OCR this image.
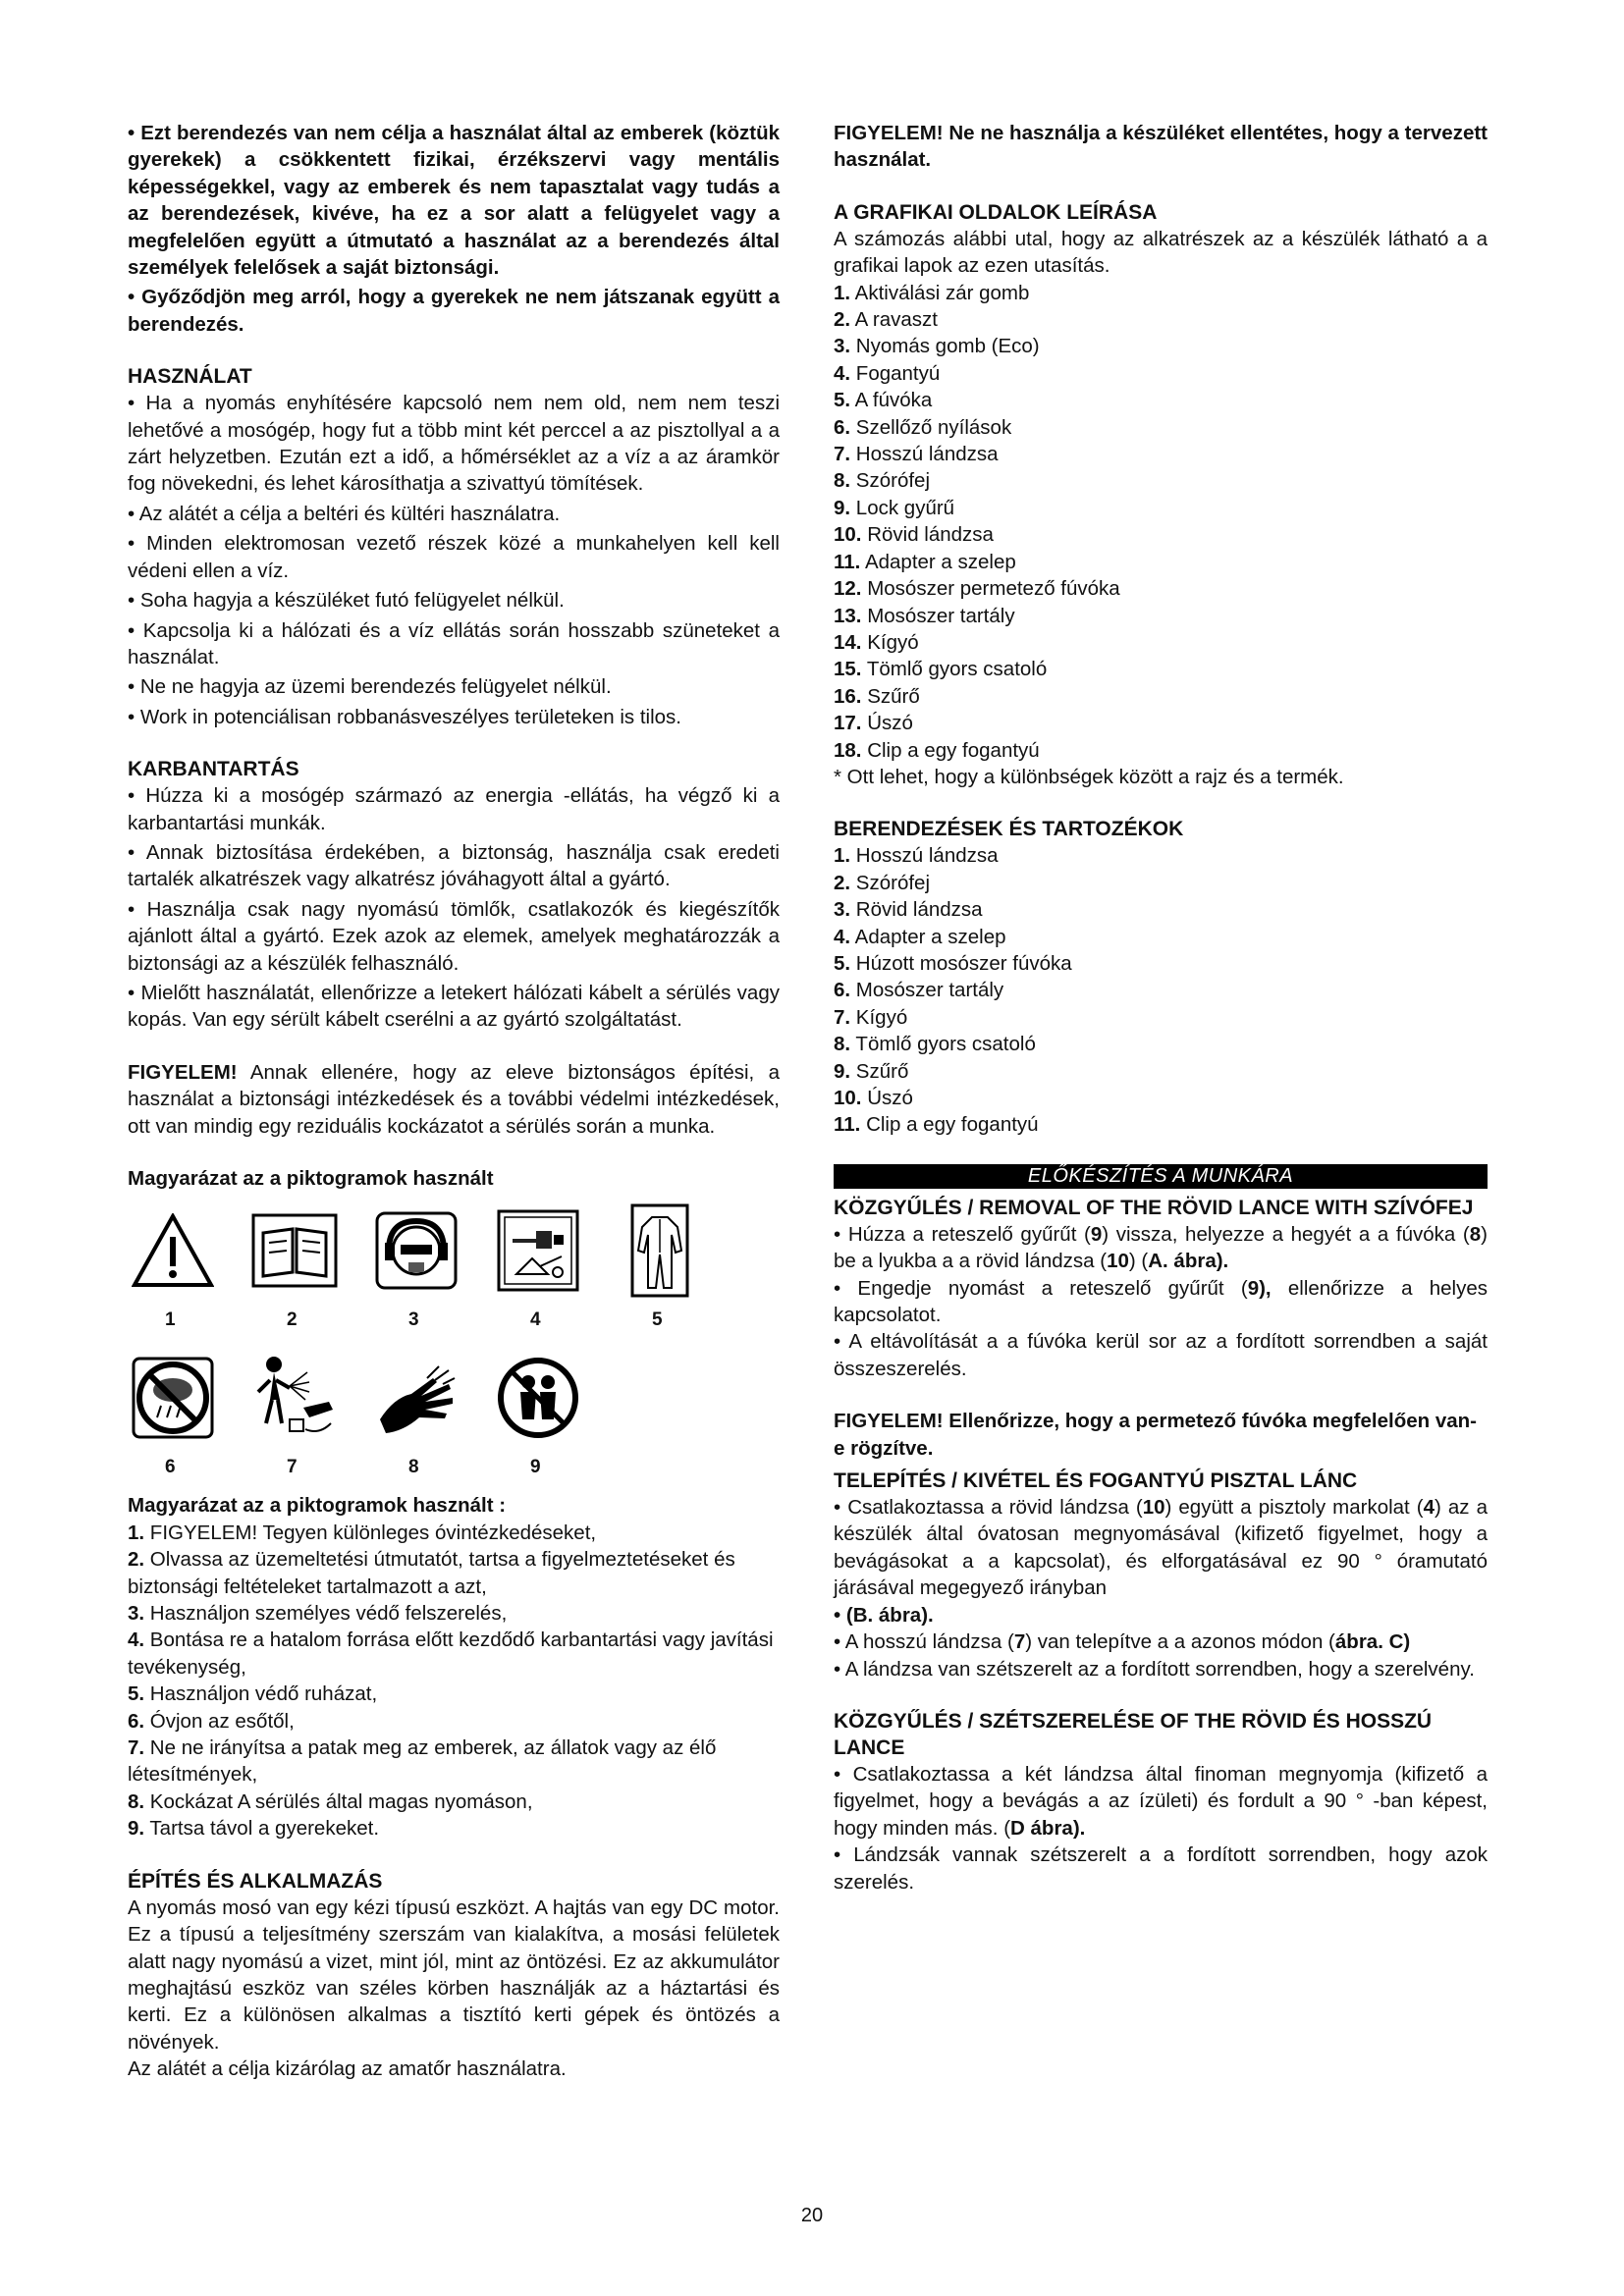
• Ezt berendezés van nem célja a használat által az emberek (köztük gyerekek) a csökkentett fizikai, érzékszervi vagy mentális képességekkel, vagy az emberek és nem tapasztalat vagy tudás a az berendezések, kivéve, ha ez a sor alatt a felügyelet vagy a megfelelően együtt a útmutató a használat az a berendezés által személyek felelősek a saját biztonsági.

• Győződjön meg arról, hogy a gyerekek ne nem játszanak együtt a berendezés.

HASZNÁLAT

• Ha a nyomás enyhítésére kapcsoló nem nem old, nem nem teszi lehetővé a mosógép, hogy fut a több mint két perccel a az pisztollyal a a zárt helyzetben. Ezután ezt a idő, a hőmérséklet az a víz a az áramkör fog növekedni, és lehet károsíthatja a szivattyú tömítések.

• Az alátét a célja a beltéri és kültéri használatra.

• Minden elektromosan vezető részek közé a munkahelyen kell kell védeni ellen a víz.

• Soha hagyja a készüléket futó felügyelet nélkül.

• Kapcsolja ki a hálózati és a víz ellátás során hosszabb szüneteket a használat.

• Ne ne hagyja az üzemi berendezés felügyelet nélkül.

• Work in potenciálisan robbanásveszélyes területeken is tilos.

KARBANTARTÁS

• Húzza ki a mosógép származó az energia -ellátás, ha végző ki a karbantartási munkák.

• Annak biztosítása érdekében, a biztonság, használja csak eredeti tartalék alkatrészek vagy alkatrész jóváhagyott által a gyártó.

• Használja csak nagy nyomású tömlők, csatlakozók és kiegészítők ajánlott által a gyártó. Ezek azok az elemek, amelyek meghatározzák a biztonsági az a készülék felhasználó.

• Mielőtt használatát, ellenőrizze a letekert hálózati kábelt a sérülés vagy kopás. Van egy sérült kábelt cserélni a az gyártó szolgáltatást.

FIGYELEM! Annak ellenére, hogy az eleve biztonságos építési, a használat a biztonsági intézkedések és a további védelmi intézkedések, ott van mindig egy reziduális kockázatot a sérülés során a munka.

Magyarázat az a piktogramok használt

1	2	3	4	5
6	7	8	9

Magyarázat az a piktogramok használt :

1. FIGYELEM! Tegyen különleges óvintézkedéseket,
2. Olvassa az üzemeltetési útmutatót, tartsa a figyelmeztetéseket és biztonsági feltételeket tartalmazott a azt,
3. Használjon személyes védő felszerelés,
4. Bontása re a hatalom forrása előtt kezdődő karbantartási vagy javítási tevékenység,
5. Használjon védő ruházat,
6. Óvjon az esőtől,
7. Ne ne irányítsa a patak meg az emberek, az állatok vagy az élő létesítmények,
8. Kockázat A sérülés által magas nyomáson,
9. Tartsa távol a gyerekeket.
ÉPÍTÉS ÉS ALKALMAZÁS

A nyomás mosó van egy kézi típusú eszközt. A hajtás van egy DC motor. Ez a típusú a teljesítmény szerszám van kialakítva, a mosási felületek alatt nagy nyomású a vizet, mint jól, mint az öntözési. Ez az akkumulátor meghajtású eszköz van széles körben használják az a háztartási és kerti. Ez a különösen alkalmas a tisztító kerti gépek és öntözés a növények.

Az alátét a célja kizárólag az amatőr használatra.

FIGYELEM! Ne ne használja a készüléket ellentétes, hogy a tervezett használat.

A GRAFIKAI OLDALOK LEÍRÁSA

A számozás alábbi utal, hogy az alkatrészek az a készülék látható a a grafikai lapok az ezen utasítás.

1. Aktiválási zár gomb
2. A ravaszt
3. Nyomás gomb (Eco)
4. Fogantyú
5. A fúvóka
6. Szellőző nyílások
7. Hosszú lándzsa
8. Szórófej
9. Lock gyűrű
10. Rövid lándzsa
11. Adapter a szelep
12. Mosószer permetező fúvóka
13. Mosószer tartály
14. Kígyó
15. Tömlő gyors csatoló
16. Szűrő
17. Úszó
18. Clip a egy fogantyú

* Ott lehet, hogy a különbségek között a rajz és a termék.

BERENDEZÉSEK ÉS TARTOZÉKOK
1. Hosszú lándzsa
2. Szórófej
3. Rövid lándzsa
4. Adapter a szelep
5. Húzott mosószer fúvóka
6. Mosószer tartály
7. Kígyó
8. Tömlő gyors csatoló
9. Szűrő
10. Úszó
11. Clip a egy fogantyú
ELŐKÉSZÍTÉS A MUNKÁRA
KÖZGYŰLÉS / REMOVAL OF THE RÖVID LANCE WITH SZÍVÓFEJ

• Húzza a reteszelő gyűrűt (9) vissza, helyezze a hegyét a a fúvóka (8) be a lyukba a a rövid lándzsa (10) (A. ábra).

• Engedje nyomást a reteszelő gyűrűt (9), ellenőrizze a helyes kapcsolatot.

• A eltávolítását a a fúvóka kerül sor az a fordított sorrendben a saját összeszerelés.

FIGYELEM! Ellenőrizze, hogy a permetező fúvóka megfelelően van- e rögzítve.

TELEPÍTÉS / KIVÉTEL ÉS FOGANTYÚ PISZTAL LÁNC

• Csatlakoztassa a rövid lándzsa (10) együtt a pisztoly markolat (4) az a készülék által óvatosan megnyomásával (kifizető figyelmet, hogy a bevágásokat a a kapcsolat), és elforgatásával ez 90 ° óramutató járásával megegyező irányban

• (B. ábra).

• A hosszú lándzsa (7) van telepítve a a azonos módon (ábra. C)

• A lándzsa van szétszerelt az a fordított sorrendben, hogy a szerelvény.

KÖZGYŰLÉS / SZÉTSZERELÉSE OF THE RÖVID ÉS HOSSZÚ LANCE

• Csatlakoztassa a két lándzsa által finoman megnyomja (kifizető a figyelmet, hogy a bevágás a az ízületi) és fordult a 90 ° -ban képest, hogy minden más. (D ábra).

• Lándzsák vannak szétszerelt a a fordított sorrendben, hogy azok szerelés.

20
